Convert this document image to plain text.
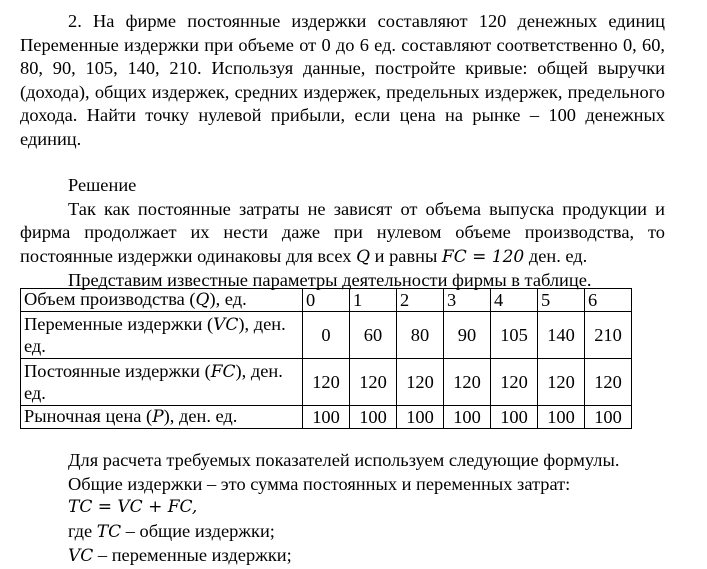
2. На фирме постоянные издержки составляют 120 денежных единиц Переменные издержки при объеме от 0 до 6 ед. составляют соответственно 0, 60, 80, 90, 105, 140, 210. Используя данные, постройте кривые: общей выручки (дохода), общих издержек, средних издержек, предельных издержек, предельного дохода. Найти точку нулевой прибыли, если цена на рынке – 100 денежных единиц.

Решение

Так как постоянные затраты не зависят от объема выпуска продукции и фирма продолжает их нести даже при нулевом объеме производства, то постоянные издержки одинаковы для всех Q и равны FC = 120 ден. ед.

Представим известные параметры деятельности фирмы в таблице.

Объем производства (Q), ед.	0	1	2	3	4	5	6
Переменные издержки (VC), ден. ед.	0	60	80	90	105	140	210
Постоянные издержки (FC), ден. ед.	120	120	120	120	120	120	120
Рыночная цена (P), ден. ед.	100	100	100	100	100	100	100

Для расчета требуемых показателей используем следующие формулы.

Общие издержки – это сумма постоянных и переменных затрат:

TC = VC + FC,

где TC – общие издержки;

VC – переменные издержки;
